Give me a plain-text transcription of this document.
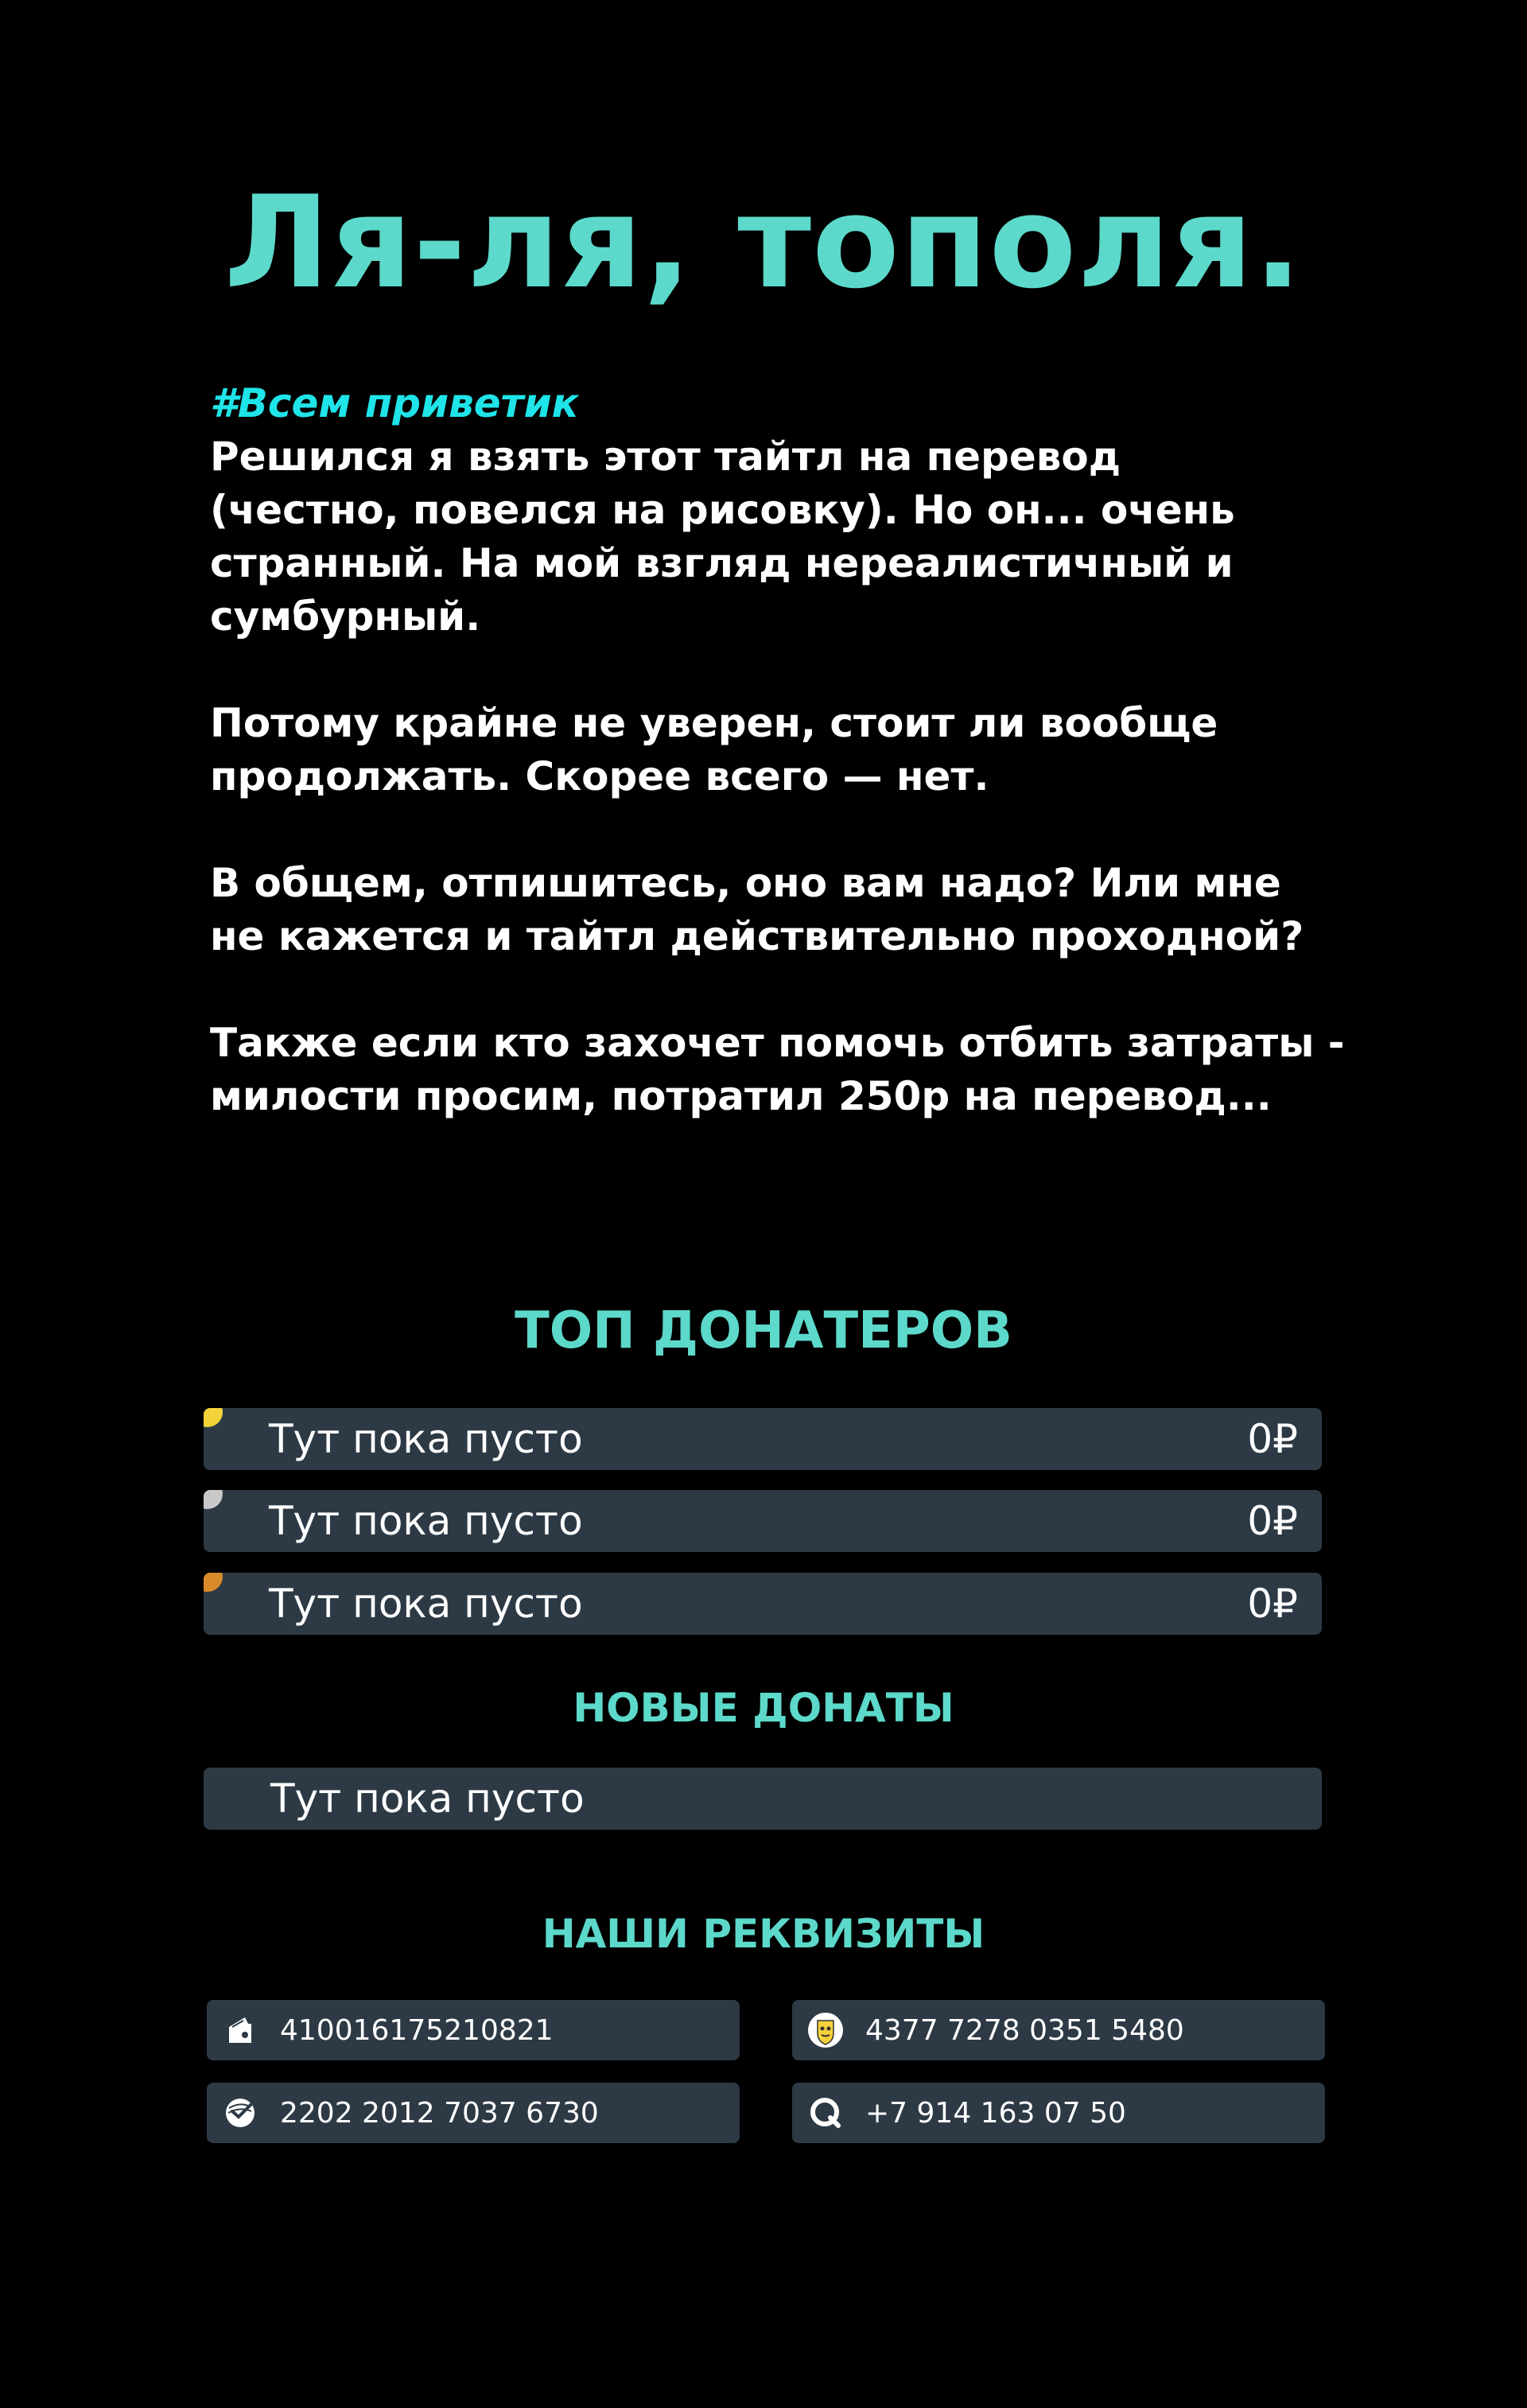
Ля-ля, тополя.
#Всем приветик
Решился я взять этот тайтл на перевод
(честно, повелся на рисовку). Но он... очень
странный. На мой взгляд нереалистичный и
сумбурный.
Потому крайне не уверен, стоит ли вообще
продолжать. Скорее всего — нет.
В общем, отпишитесь, оно вам надо? Или мне
не кажется и тайтл действительно проходной?
Также если кто захочет помочь отбить затраты -
милости просим, потратил 250р на перевод...
ТОП ДОНАТЕРОВ
Тут пока пусто	0₽
Тут пока пусто	0₽
Тут пока пусто	0₽
НОВЫЕ ДОНАТЫ
Тут пока пусто
НАШИ РЕКВИЗИТЫ
410016175210821	4377 7278 0351 5480
2202 2012 7037 6730	+7 914 163 07 50
